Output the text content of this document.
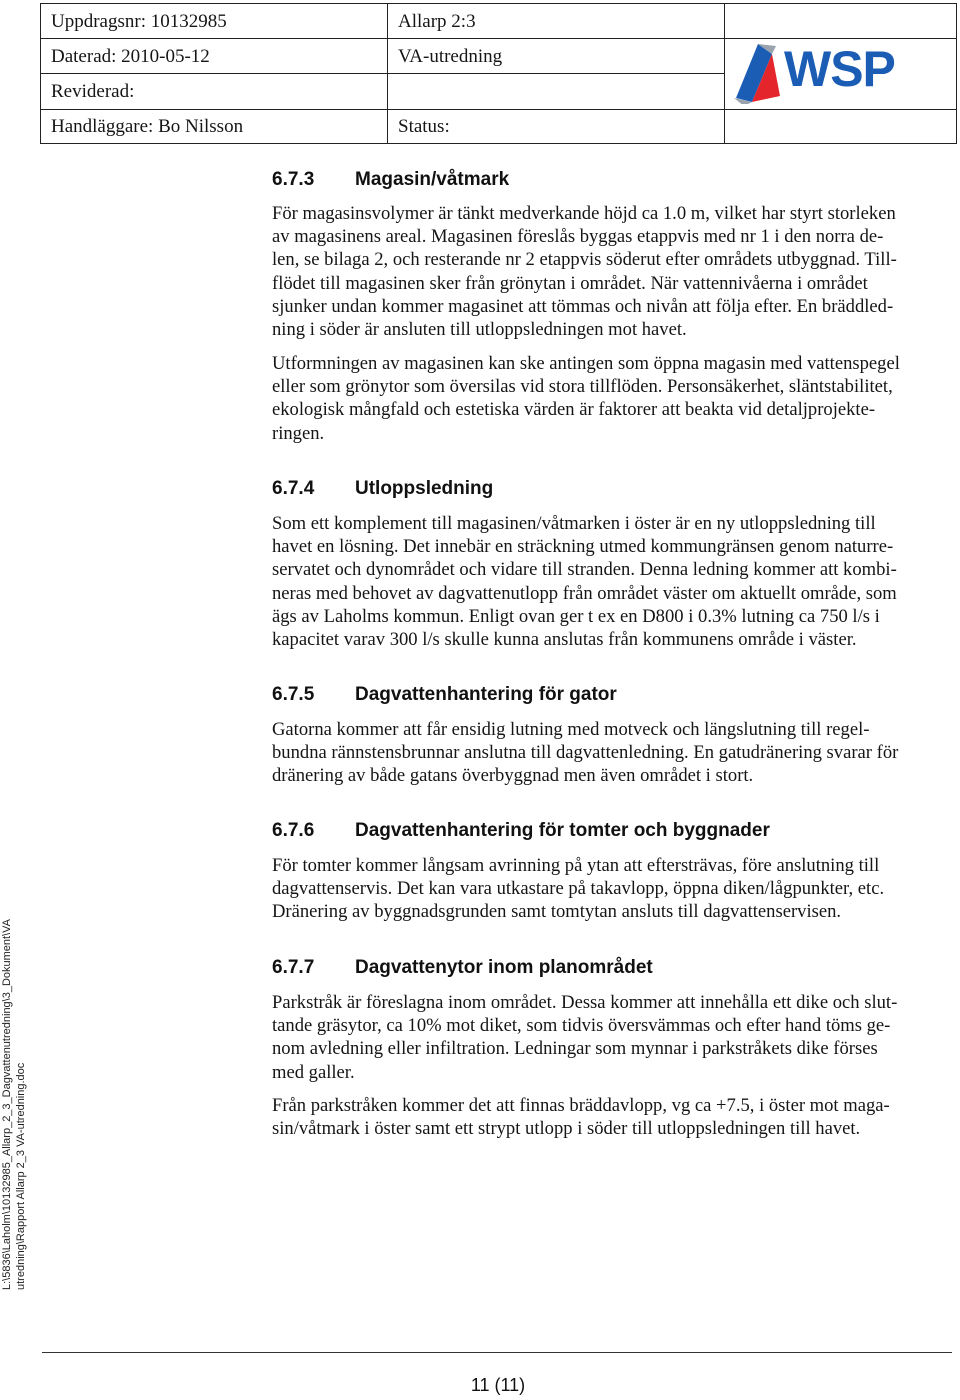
Uppdragsnr: 10132985
Daterad: 2010-05-12
Reviderad:
Handläggare: Bo Nilsson
Allarp 2:3
VA-utredning
Status:
WSP
6.7.3 Magasin/våtmark
För magasinsvolymer är tänkt medverkande höjd ca 1.0 m, vilket har styrt storleken
av magasinens areal. Magasinen föreslås byggas etappvis med nr 1 i den norra de-
len, se bilaga 2, och resterande nr 2 etappvis söderut efter områdets utbyggnad. Till-
flödet till magasinen sker från grönytan i området. När vattennivåerna i området
sjunker undan kommer magasinet att tömmas och nivån att följa efter. En bräddled-
ning i söder är ansluten till utloppsledningen mot havet.
Utformningen av magasinen kan ske antingen som öppna magasin med vattenspegel
eller som grönytor som översilas vid stora tillflöden. Personsäkerhet, släntstabilitet,
ekologisk mångfald och estetiska värden är faktorer att beakta vid detaljprojekte-
ringen.
6.7.4 Utloppsledning
Som ett komplement till magasinen/våtmarken i öster är en ny utloppsledning till
havet en lösning. Det innebär en sträckning utmed kommungränsen genom naturre-
servatet och dynområdet och vidare till stranden. Denna ledning kommer att kombi-
neras med behovet av dagvattenutlopp från området väster om aktuellt område, som
ägs av Laholms kommun. Enligt ovan ger t ex en D800 i 0.3% lutning ca 750 l/s i
kapacitet varav 300 l/s skulle kunna anslutas från kommunens område i väster.
6.7.5 Dagvattenhantering för gator
Gatorna kommer att får ensidig lutning med motveck och längslutning till regel-
bundna rännstensbrunnar anslutna till dagvattenledning. En gatudränering svarar för
dränering av både gatans överbyggnad men även området i stort.
6.7.6 Dagvattenhantering för tomter och byggnader
För tomter kommer långsam avrinning på ytan att eftersträvas, före anslutning till
dagvattenservis. Det kan vara utkastare på takavlopp, öppna diken/lågpunkter, etc.
Dränering av byggnadsgrunden samt tomtytan ansluts till dagvattenservisen.
6.7.7 Dagvattenytor inom planområdet
Parkstråk är föreslagna inom området. Dessa kommer att innehålla ett dike och slut-
tande gräsytor, ca 10% mot diket, som tidvis översvämmas och efter hand töms ge-
nom avledning eller infiltration. Ledningar som mynnar i parkstråkets dike förses
med galler.
Från parkstråken kommer det att finnas bräddavlopp, vg ca +7.5, i öster mot maga-
sin/våtmark i öster samt ett strypt utlopp i söder till utloppsledningen till havet.
L:\5836\Laholm\10132985_Allarp_2_3_Dagvattenutredning\3_Dokument\VA utredning\Rapport Allarp 2_3 VA-utredning.doc
11 (11)
